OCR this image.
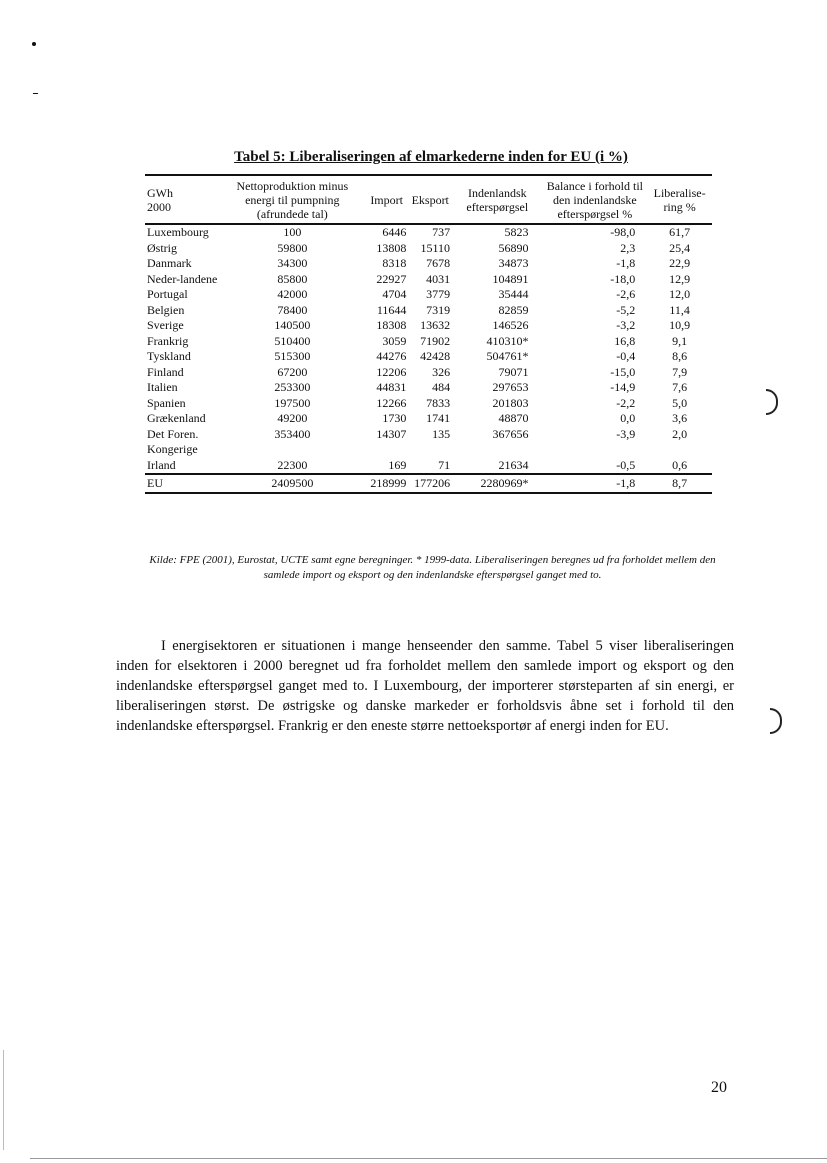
Tabel 5: Liberaliseringen af elmarkederne inden for EU (i %)
GWh
2000	Nettoproduktion minus energi til pumpning (afrundede tal)	Import	Eksport	Indenlandsk efterspørgsel	Balance i forhold til den indenlandske efterspørgsel %	Liberalise-ring %
Luxembourg	100	6446	737	5823	-98,0	61,7
Østrig	59800	13808	15110	56890	2,3	25,4
Danmark	34300	8318	7678	34873	-1,8	22,9
Neder-landene	85800	22927	4031	104891	-18,0	12,9
Portugal	42000	4704	3779	35444	-2,6	12,0
Belgien	78400	11644	7319	82859	-5,2	11,4
Sverige	140500	18308	13632	146526	-3,2	10,9
Frankrig	510400	3059	71902	410310*	16,8	9,1
Tyskland	515300	44276	42428	504761*	-0,4	8,6
Finland	67200	12206	326	79071	-15,0	7,9
Italien	253300	44831	484	297653	-14,9	7,6
Spanien	197500	12266	7833	201803	-2,2	5,0
Grækenland	49200	1730	1741	48870	0,0	3,6
Det Foren. Kongerige	353400	14307	135	367656	-3,9	2,0
Irland	22300	169	71	21634	-0,5	0,6
EU	2409500	218999	177206	2280969*	-1,8	8,7
Kilde: FPE (2001), Eurostat, UCTE samt egne beregninger. * 1999-data. Liberaliseringen beregnes ud fra forholdet mellem den samlede import og eksport og den indenlandske efterspørgsel ganget med to.

I energisektoren er situationen i mange henseender den samme. Tabel 5 viser liberaliseringen inden for elsektoren i 2000 beregnet ud fra forholdet mellem den samlede import og eksport og den indenlandske efterspørgsel ganget med to. I Luxembourg, der importerer størsteparten af sin energi, er liberaliseringen størst. De østrigske og danske markeder er forholdsvis åbne set i forhold til den indenlandske efterspørgsel. Frankrig er den eneste større nettoeksportør af energi inden for EU.

20
